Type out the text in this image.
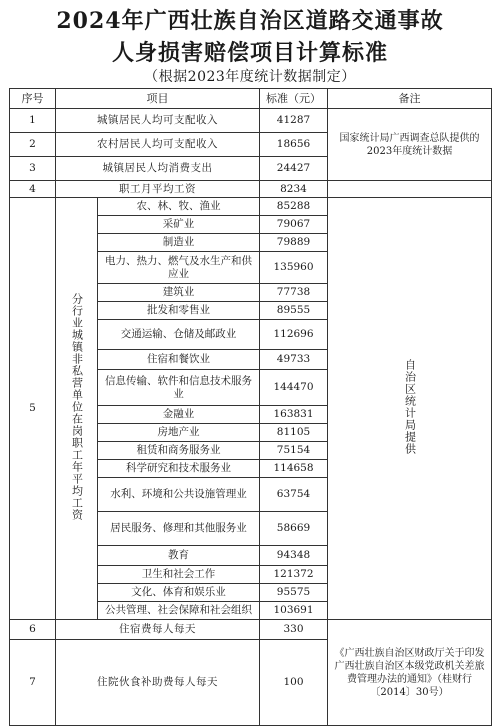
2024年广西壮族自治区道路交通事故
人身损害赔偿项目计算标准
（根据2023年度统计数据制定）
序号	项目		标准（元）	备注
1	城镇居民人均可支配收入		41287	国家统计局广西调查总队提供的2023年度统计数据
2	农村居民人均可支配收入		18656	
3	城镇居民人均消费支出		24427	
4	职工月平均工资		8234	
5	分行业城镇非私营单位在岗职工年平均工资	农、林、牧、渔业	85288	自治区统计局提供
		采矿业	79067	
		制造业	79889	
		电力、热力、燃气及水生产和供应业	135960	
		建筑业	77738	
		批发和零售业	89555	
		交通运输、仓储及邮政业	112696	
		住宿和餐饮业	49733	
		信息传输、软件和信息技术服务业	144470	
		金融业	163831	
		房地产业	81105	
		租赁和商务服务业	75154	
		科学研究和技术服务业	114658	
		水利、环境和公共设施管理业	63754	
		居民服务、修理和其他服务业	58669	
		教育	94348	
		卫生和社会工作	121372	
		文化、体育和娱乐业	95575	
		公共管理、社会保障和社会组织	103691	
6	住宿费每人每天		330	《广西壮族自治区财政厅关于印发广西壮族自治区本级党政机关差旅费管理办法的通知》（桂财行〔2014〕30号）
7	住院伙食补助费每人每天		100	
